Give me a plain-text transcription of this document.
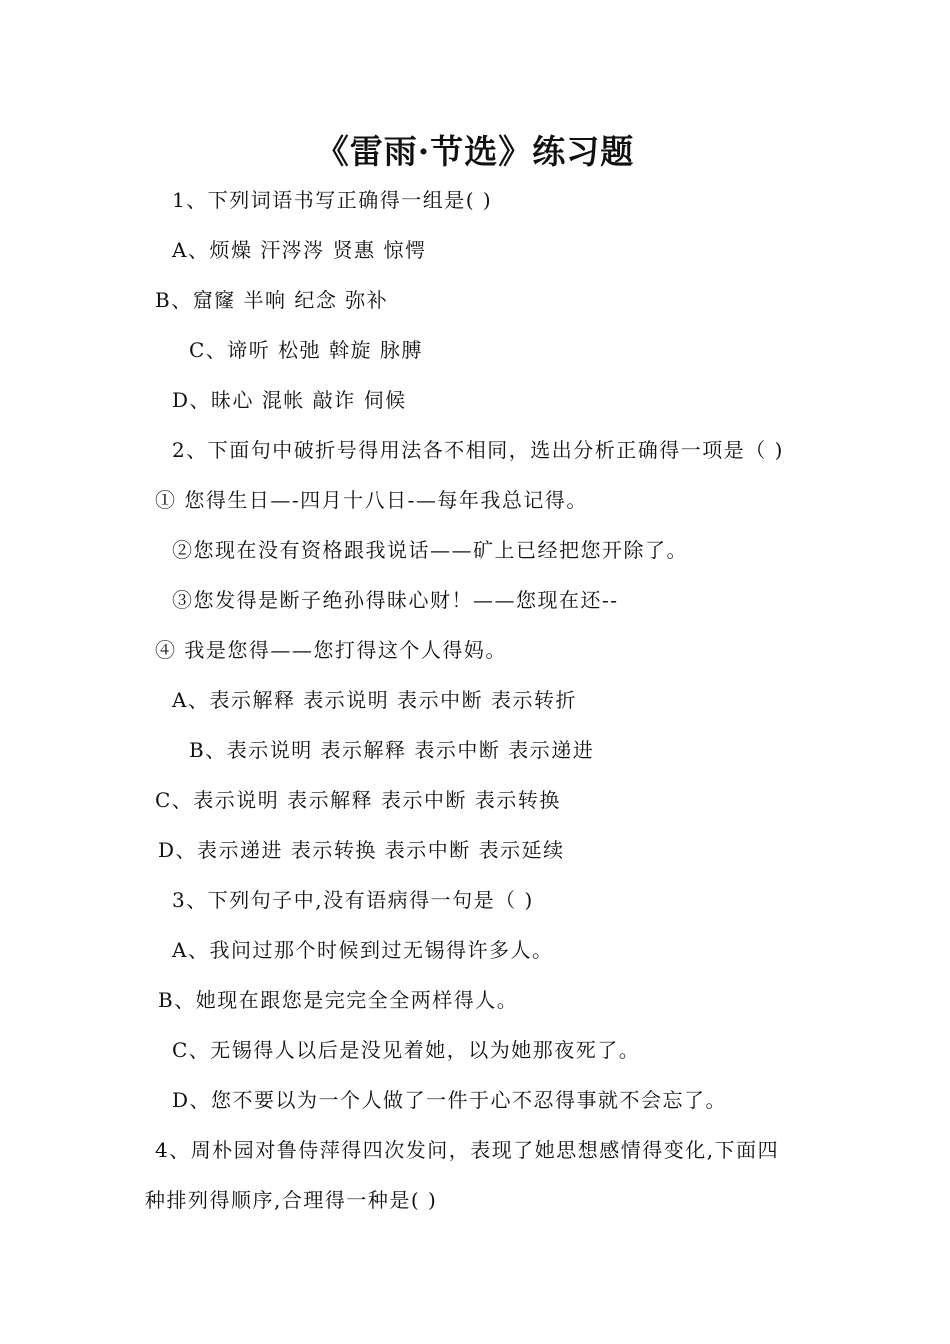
《雷雨·节选》练习题
1、下列词语书写正确得一组是( )
A、烦燥 汗涔涔 贤惠 惊愕
B、窟窿 半响 纪念 弥补
C、谛听 松弛 斡旋 脉膊
D、昧心 混帐 敲诈 伺候
2、下面句中破折号得用法各不相同，选出分析正确得一项是（ )
① 您得生日—-四月十八日-—每年我总记得。
②您现在没有资格跟我说话——矿上已经把您开除了。
③您发得是断子绝孙得昧心财！——您现在还--
④ 我是您得——您打得这个人得妈。
A、表示解释 表示说明 表示中断 表示转折
B、表示说明 表示解释 表示中断 表示递进
C、表示说明 表示解释 表示中断 表示转换
D、表示递进 表示转换 表示中断 表示延续
3、下列句子中,没有语病得一句是（ )
A、我问过那个时候到过无锡得许多人。
B、她现在跟您是完完全全两样得人。
C、无锡得人以后是没见着她，以为她那夜死了。
D、您不要以为一个人做了一件于心不忍得事就不会忘了。
4、周朴园对鲁侍萍得四次发问，表现了她思想感情得变化,下面四
种排列得顺序,合理得一种是( )
